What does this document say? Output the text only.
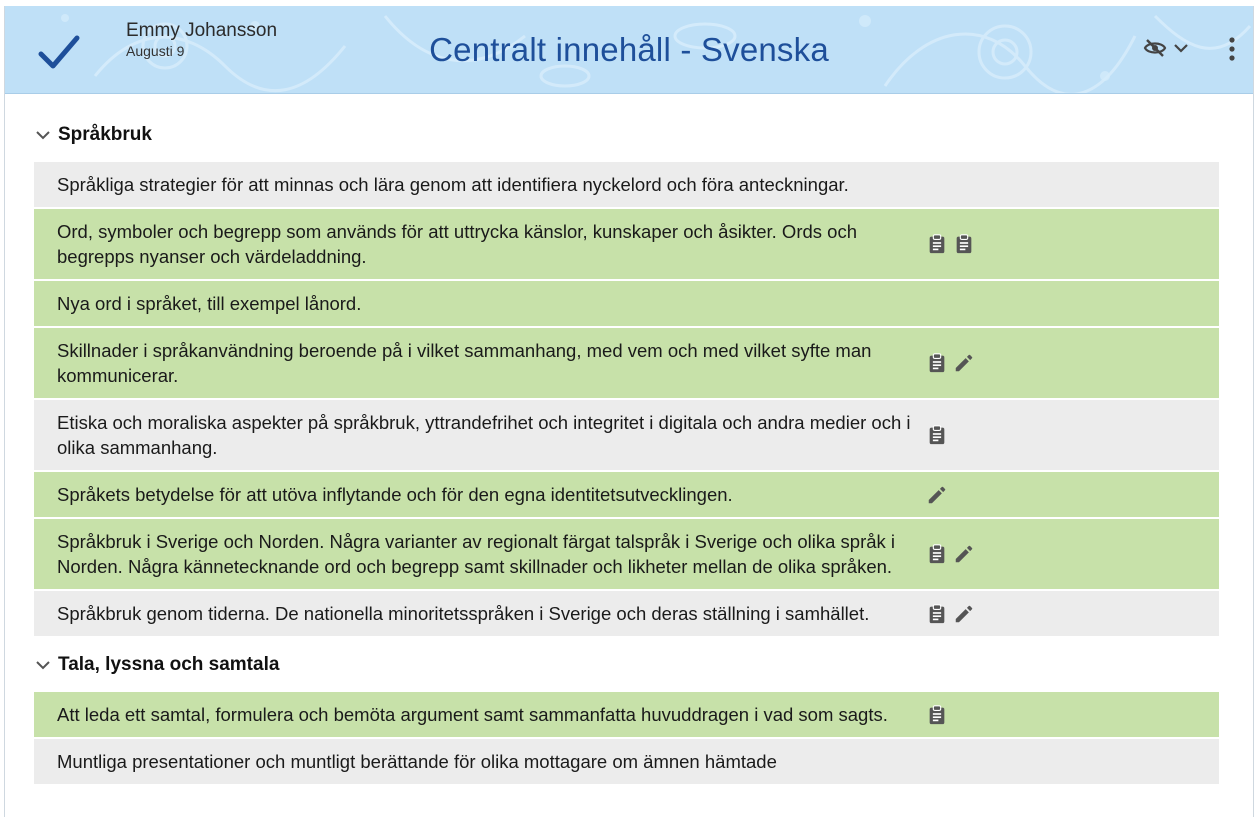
Emmy Johansson
Augusti 9	Centralt innehåll - Svenska
Språkbruk
Språkliga strategier för att minnas och lära genom att identifiera nyckelord och föra anteckningar.
Ord, symboler och begrepp som används för att uttrycka känslor, kunskaper och åsikter. Ords och begrepps nyanser och värdeladdning.
Nya ord i språket, till exempel lånord.
Skillnader i språkanvändning beroende på i vilket sammanhang, med vem och med vilket syfte man kommunicerar.
Etiska och moraliska aspekter på språkbruk, yttrandefrihet och integritet i digitala och andra medier och i olika sammanhang.
Språkets betydelse för att utöva inflytande och för den egna identitetsutvecklingen.
Språkbruk i Sverige och Norden. Några varianter av regionalt färgat talspråk i Sverige och olika språk i Norden. Några kännetecknande ord och begrepp samt skillnader och likheter mellan de olika språken.
Språkbruk genom tiderna. De nationella minoritetsspråken i Sverige och deras ställning i samhället.
Tala, lyssna och samtala
Att leda ett samtal, formulera och bemöta argument samt sammanfatta huvuddragen i vad som sagts.
Muntliga presentationer och muntligt berättande för olika mottagare om ämnen hämtade
